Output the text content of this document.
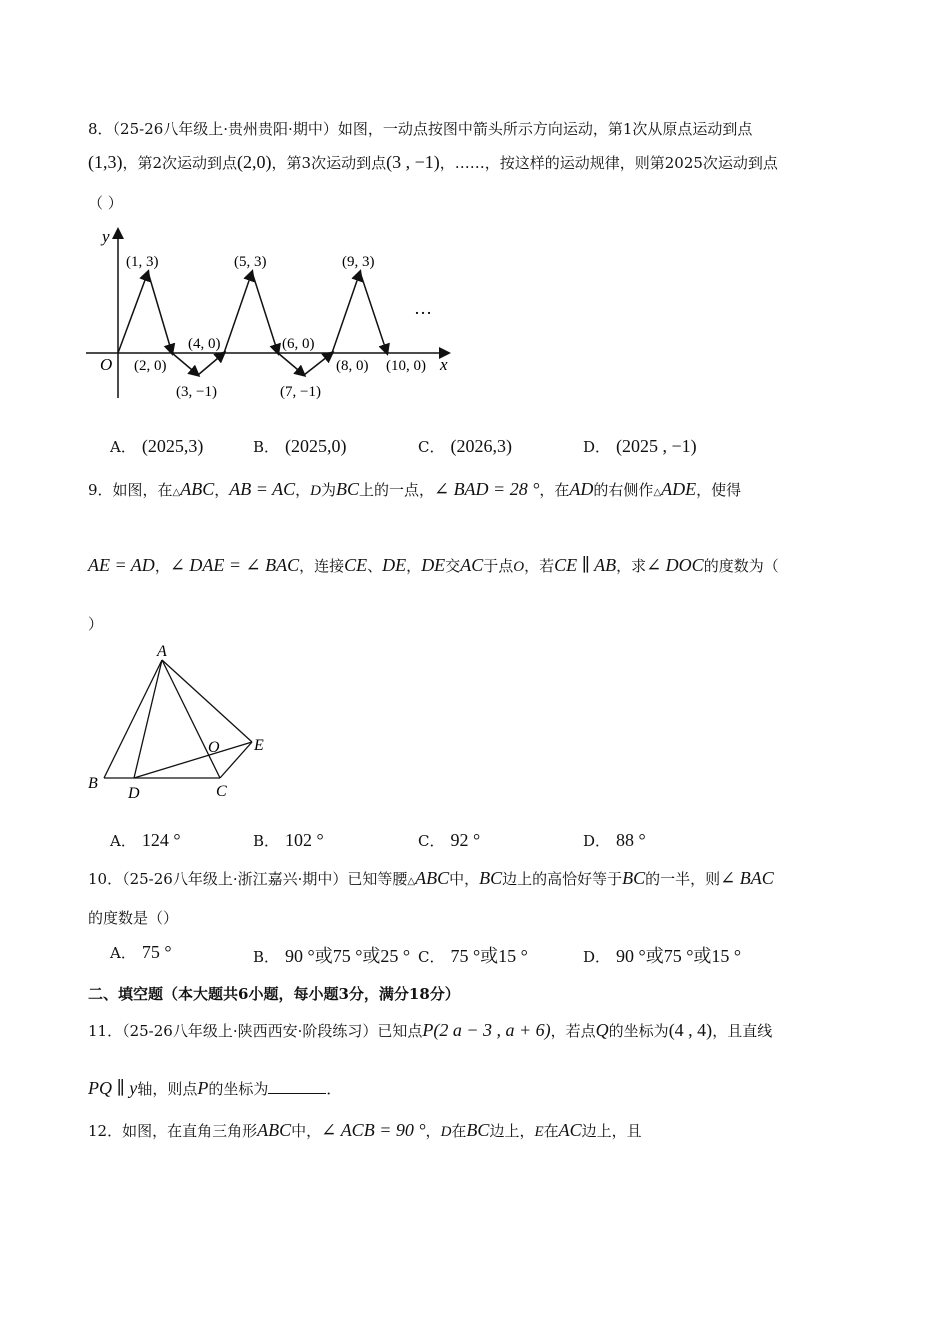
8．（25-26八年级上·贵州贵阳·期中）如图，一动点按图中箭头所示方向运动，第1次从原点运动到点
(1,3)，第2次运动到点(2,0)，第3次运动到点(3 , −1)，……，按这样的运动规律，则第2025次运动到点
（ ）
y
x
O
(1, 3)	(5, 3)	(9, 3)
(4, 0)	(6, 0)
(2, 0)	(8, 0) (10, 0)
(3, −1)	(7, −1)
…
A． (2025,3)	B． (2025,0)	C． (2026,3)	D． (2025 , −1)
9．如图，在△ABC，AB = AC，D为BC上的一点，∠ BAD = 28 °，在AD的右侧作△ADE，使得
AE = AD，∠ DAE = ∠ BAC，连接CE、DE，DE交AC于点O，若CE ∥ AB，求∠ DOC的度数为（
）
A
B
D	C
O E
A． 124 °	B． 102 °	C． 92 °	D． 88 °
10．（25-26八年级上·浙江嘉兴·期中）已知等腰△ABC中，BC边上的高恰好等于BC的一半，则∠ BAC
的度数是（）
A． 75 °	B． 90 °或75 °或25 ° C． 75 °或15 °	D． 90 °或75 °或15 °
二、填空题（本大题共6小题，每小题3分，满分18分）
11．（25-26八年级上·陕西西安·阶段练习）已知点P(2 a − 3 , a + 6)，若点Q的坐标为(4 , 4)，且直线
PQ ∥ y轴，则点P的坐标为	．
12．如图，在直角三角形ABC中，∠ ACB = 90 °，D在BC边上，E在AC边上，且
